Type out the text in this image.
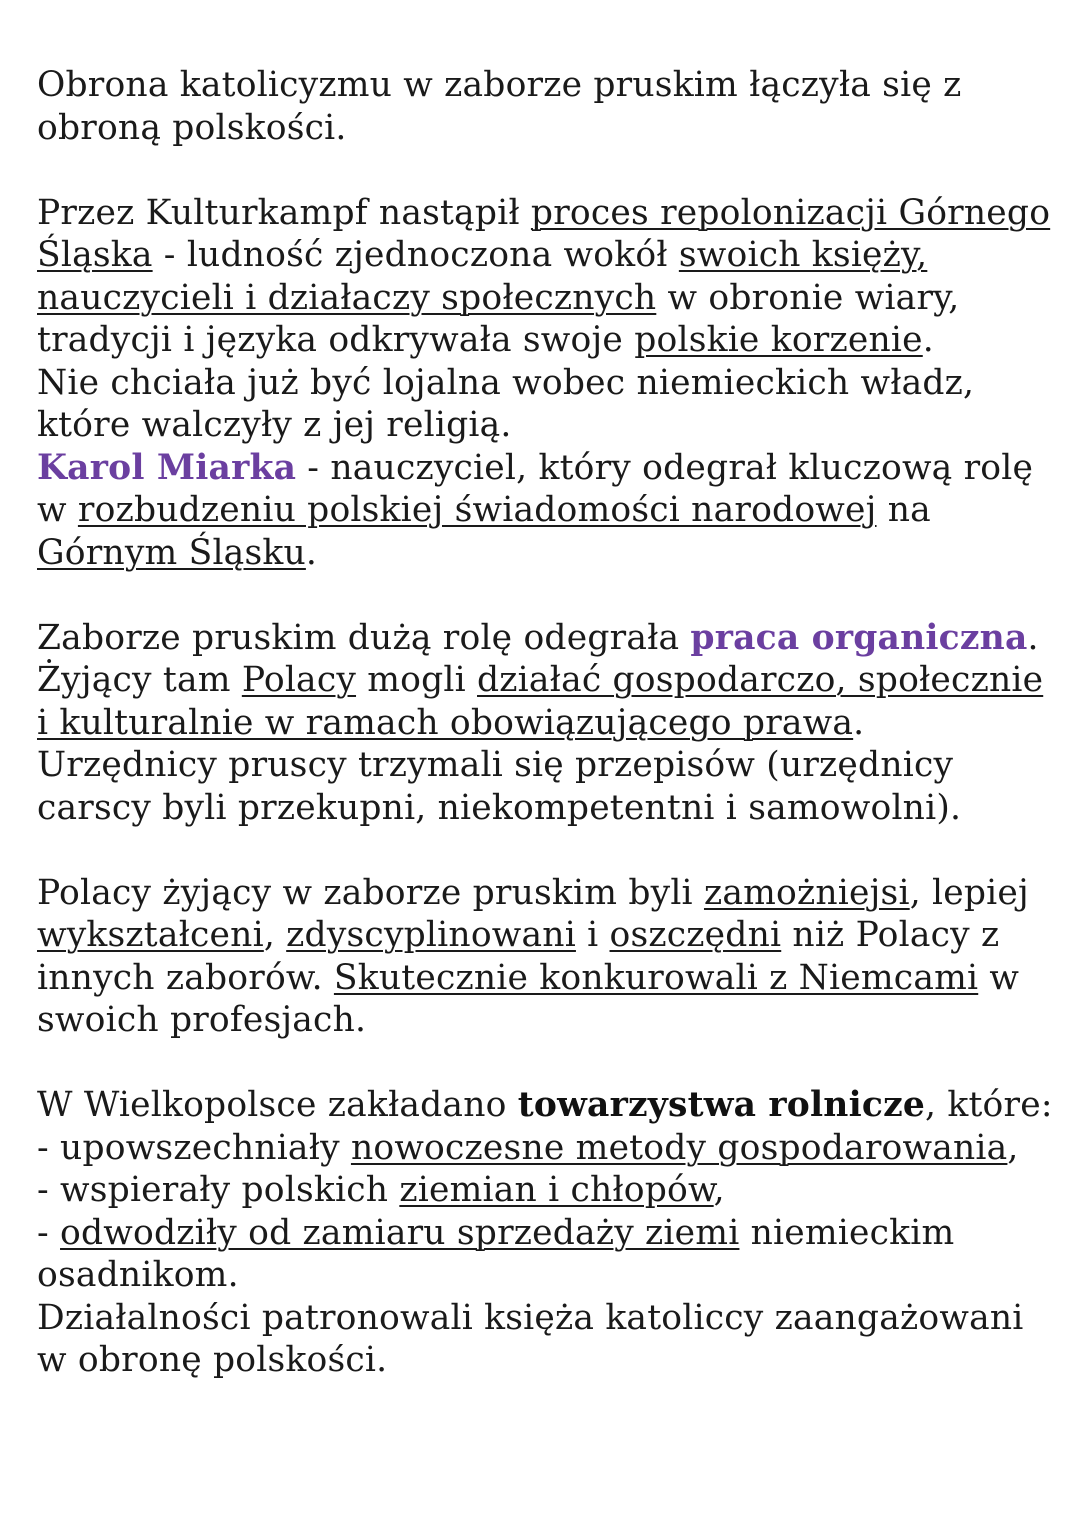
Obrona katolicyzmu w zaborze pruskim łączyła się z
obroną polskości.
Przez Kulturkampf nastąpił proces repolonizacji Górnego
Śląska - ludność zjednoczona wokół swoich księży,
nauczycieli i działaczy społecznych w obronie wiary,
tradycji i języka odkrywała swoje polskie korzenie.
Nie chciała już być lojalna wobec niemieckich władz,
które walczyły z jej religią.
Karol Miarka - nauczyciel, który odegrał kluczową rolę
w rozbudzeniu polskiej świadomości narodowej na
Górnym Śląsku.
Zaborze pruskim dużą rolę odegrała praca organiczna.
Żyjący tam Polacy mogli działać gospodarczo, społecznie
i kulturalnie w ramach obowiązującego prawa.
Urzędnicy pruscy trzymali się przepisów (urzędnicy
carscy byli przekupni, niekompetentni i samowolni).
Polacy żyjący w zaborze pruskim byli zamożniejsi, lepiej
wykształceni, zdyscyplinowani i oszczędni niż Polacy z
innych zaborów. Skutecznie konkurowali z Niemcami w
swoich profesjach.
W Wielkopolsce zakładano towarzystwa rolnicze, które:
- upowszechniały nowoczesne metody gospodarowania,
- wspierały polskich ziemian i chłopów,
- odwodziły od zamiaru sprzedaży ziemi niemieckim
osadnikom.
Działalności patronowali księża katoliccy zaangażowani
w obronę polskości.
